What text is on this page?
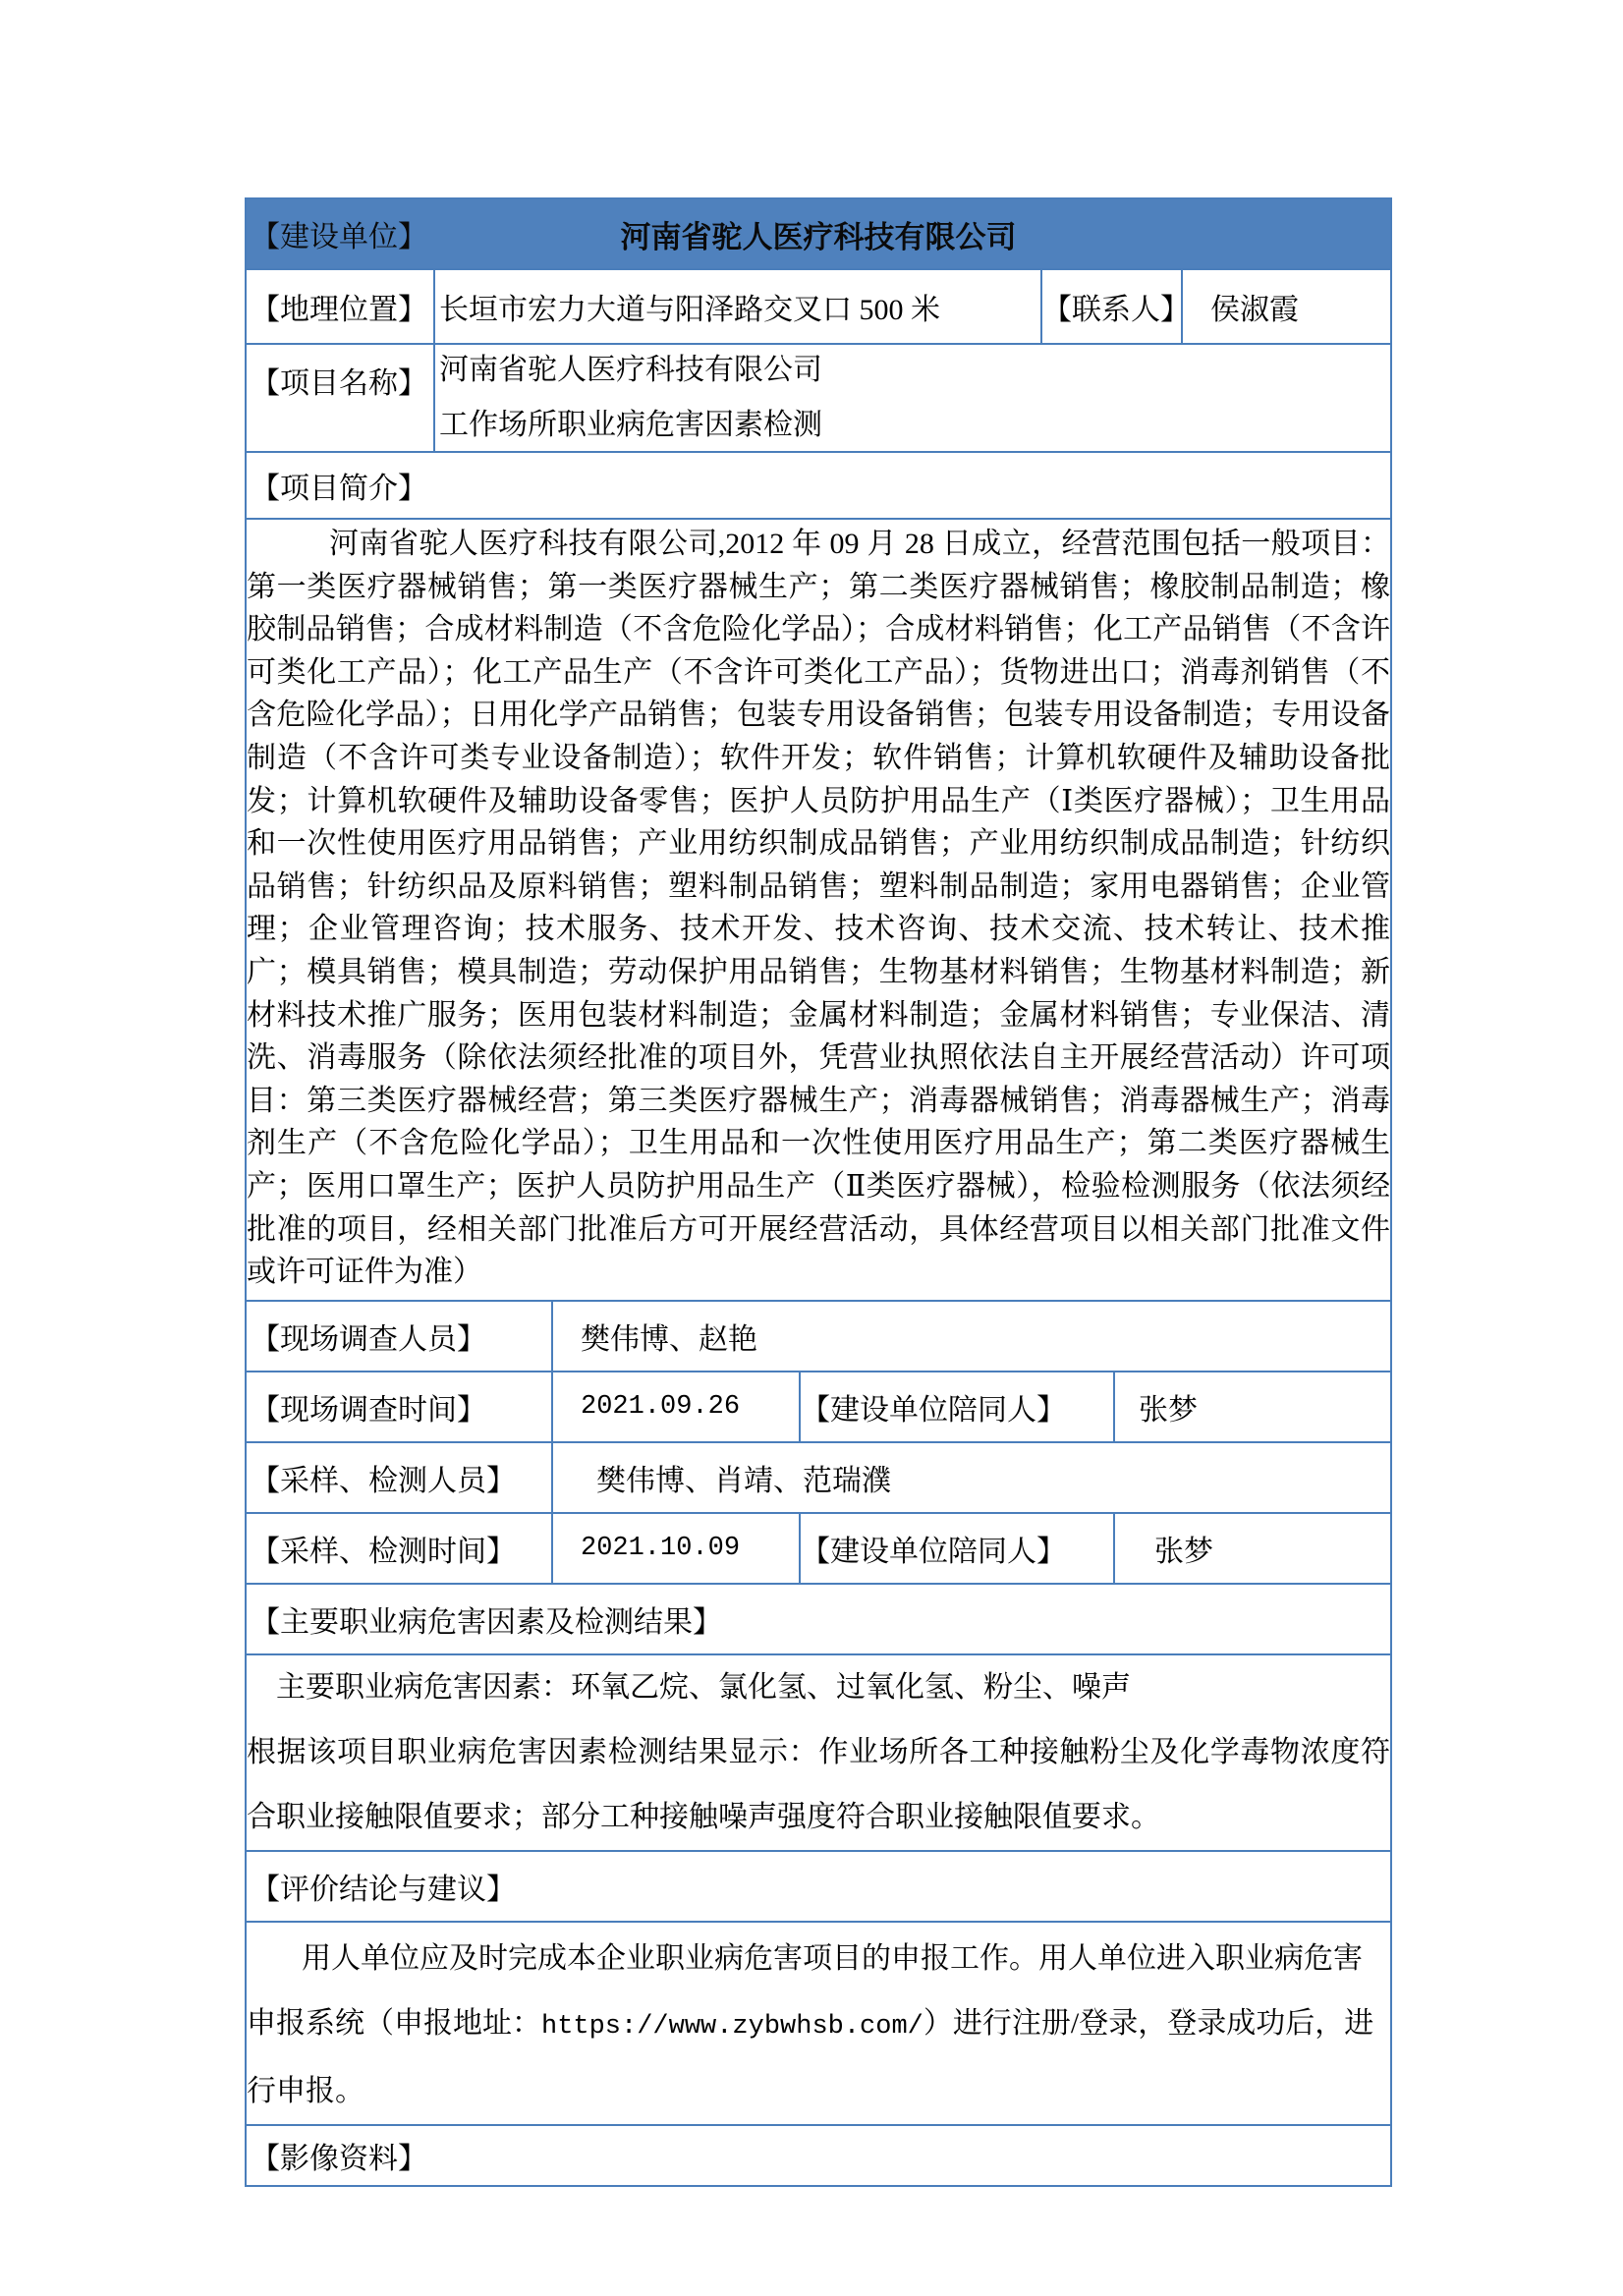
【建设单位】	河南省驼人医疗科技有限公司
【地理位置】 长垣市宏力大道与阳泽路交叉口 500 米	【联系人】 侯淑霞
【项目名称】 河南省驼人医疗科技有限公司
工作场所职业病危害因素检测
【项目简介】
河南省驼人医疗科技有限公司,2012 年 09 月 28 日成立，经营范围包括一般项目：第一类医疗器械销售；第一类医疗器械生产；第二类医疗器械销售；橡胶制品制造；橡胶制品销售；合成材料制造（不含危险化学品）；合成材料销售；化工产品销售（不含许可类化工产品）；化工产品生产（不含许可类化工产品）；货物进出口；消毒剂销售（不含危险化学品）；日用化学产品销售；包装专用设备销售；包装专用设备制造；专用设备制造（不含许可类专业设备制造）；软件开发；软件销售；计算机软硬件及辅助设备批发；计算机软硬件及辅助设备零售；医护人员防护用品生产（Ⅰ类医疗器械）；卫生用品和一次性使用医疗用品销售；产业用纺织制成品销售；产业用纺织制成品制造；针纺织品销售；针纺织品及原料销售；塑料制品销售；塑料制品制造；家用电器销售；企业管理；企业管理咨询；技术服务、技术开发、技术咨询、技术交流、技术转让、技术推广；模具销售；模具制造；劳动保护用品销售；生物基材料销售；生物基材料制造；新材料技术推广服务；医用包装材料制造；金属材料制造；金属材料销售；专业保洁、清洗、消毒服务（除依法须经批准的项目外，凭营业执照依法自主开展经营活动）许可项目：第三类医疗器械经营；第三类医疗器械生产；消毒器械销售；消毒器械生产；消毒剂生产（不含危险化学品）；卫生用品和一次性使用医疗用品生产；第二类医疗器械生产；医用口罩生产；医护人员防护用品生产（Ⅱ类医疗器械），检验检测服务（依法须经批准的项目，经相关部门批准后方可开展经营活动，具体经营项目以相关部门批准文件或许可证件为准）
【现场调查人员】	樊伟博、赵艳
【现场调查时间】	2021.09.26	【建设单位陪同人】	张梦
【采样、检测人员】	樊伟博、肖靖、范瑞濮
【采样、检测时间】	2021.10.09	【建设单位陪同人】	张梦
【主要职业病危害因素及检测结果】
主要职业病危害因素：环氧乙烷、氯化氢、过氧化氢、粉尘、噪声
根据该项目职业病危害因素检测结果显示：作业场所各工种接触粉尘及化学毒物浓度符合职业接触限值要求；部分工种接触噪声强度符合职业接触限值要求。
【评价结论与建议】
用人单位应及时完成本企业职业病危害项目的申报工作。用人单位进入职业病危害申报系统（申报地址：https://www.zybwhsb.com/）进行注册/登录，登录成功后，进行申报。
【影像资料】
